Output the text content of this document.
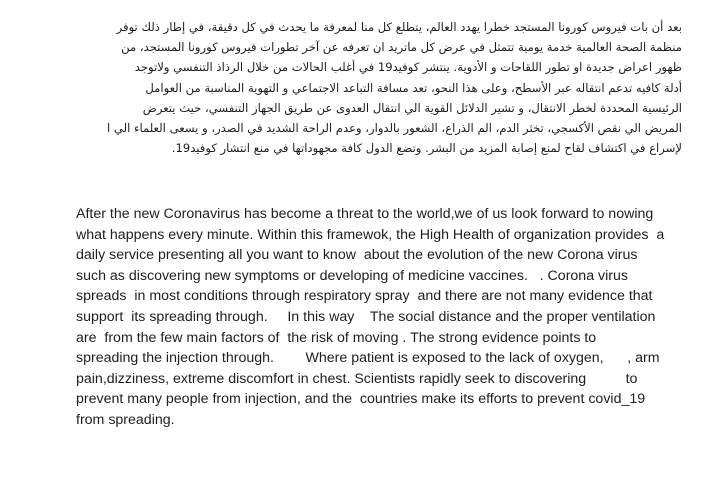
بعد أن بات فيروس كورونا المستجد خطرا يهدد العالم، يتطلع كل منا لمعرفة ما يحدث في كل دقيقة، في إطار ذلك توفر
منظمة الصحة العالمية خدمة يومية تتمثل في عرض كل ماتريد ان تعرفه عن آخر تطورات فيروس كورونا المستجد، من
ظهور اعراض جديدة او تطور اللقاحات و الأدوية. ينتشر كوفيد19 في أغلب الحالات من خلال الرذاذ التنفسي ولاتوجد
أدلة كافيه تدعم انتقاله عبر الأسطح، وعلى هذا النحو، تعد مسافة التباعد الاجتماعي و التهوية المناسبة من العوامل
الرئيسية المحددة لخطر الانتقال، و تشير الدلائل القوية الي انتقال العدوى عن طريق الجهاز التنفسي، حيث يتعرض
المريض الي نقص الأكسجي، تخثر الدم، الم الذراع، الشعور بالدوار، وعدم الراحة الشديد في الصدر، و يسعى العلماء الي ا
لإسراع في اكتشاف لقاح لمنع إصابة المزيد من البشر. وتضع الدول كافة مجهوداتها في منع انتشار كوفيد19.
After the new Coronavirus has become a threat to the world,we of us look forward to nowing
what happens every minute. Within this framewok, the High Health of organization provides  a
daily service presenting all you want to know  about the evolution of the new Corona virus
such as discovering new symptoms or developing of medicine vaccines.   . Corona virus
spreads  in most conditions through respiratory spray  and there are not many evidence that
support  its spreading through.     In this way    The social distance and the proper ventilation
are  from the few main factors of  the risk of moving . The strong evidence points to
spreading the injection through.        Where patient is exposed to the lack of oxygen,      , arm
pain,dizziness, extreme discomfort in chest. Scientists rapidly seek to discovering          to
prevent many people from injection, and the  countries make its efforts to prevent covid_19
from spreading.
